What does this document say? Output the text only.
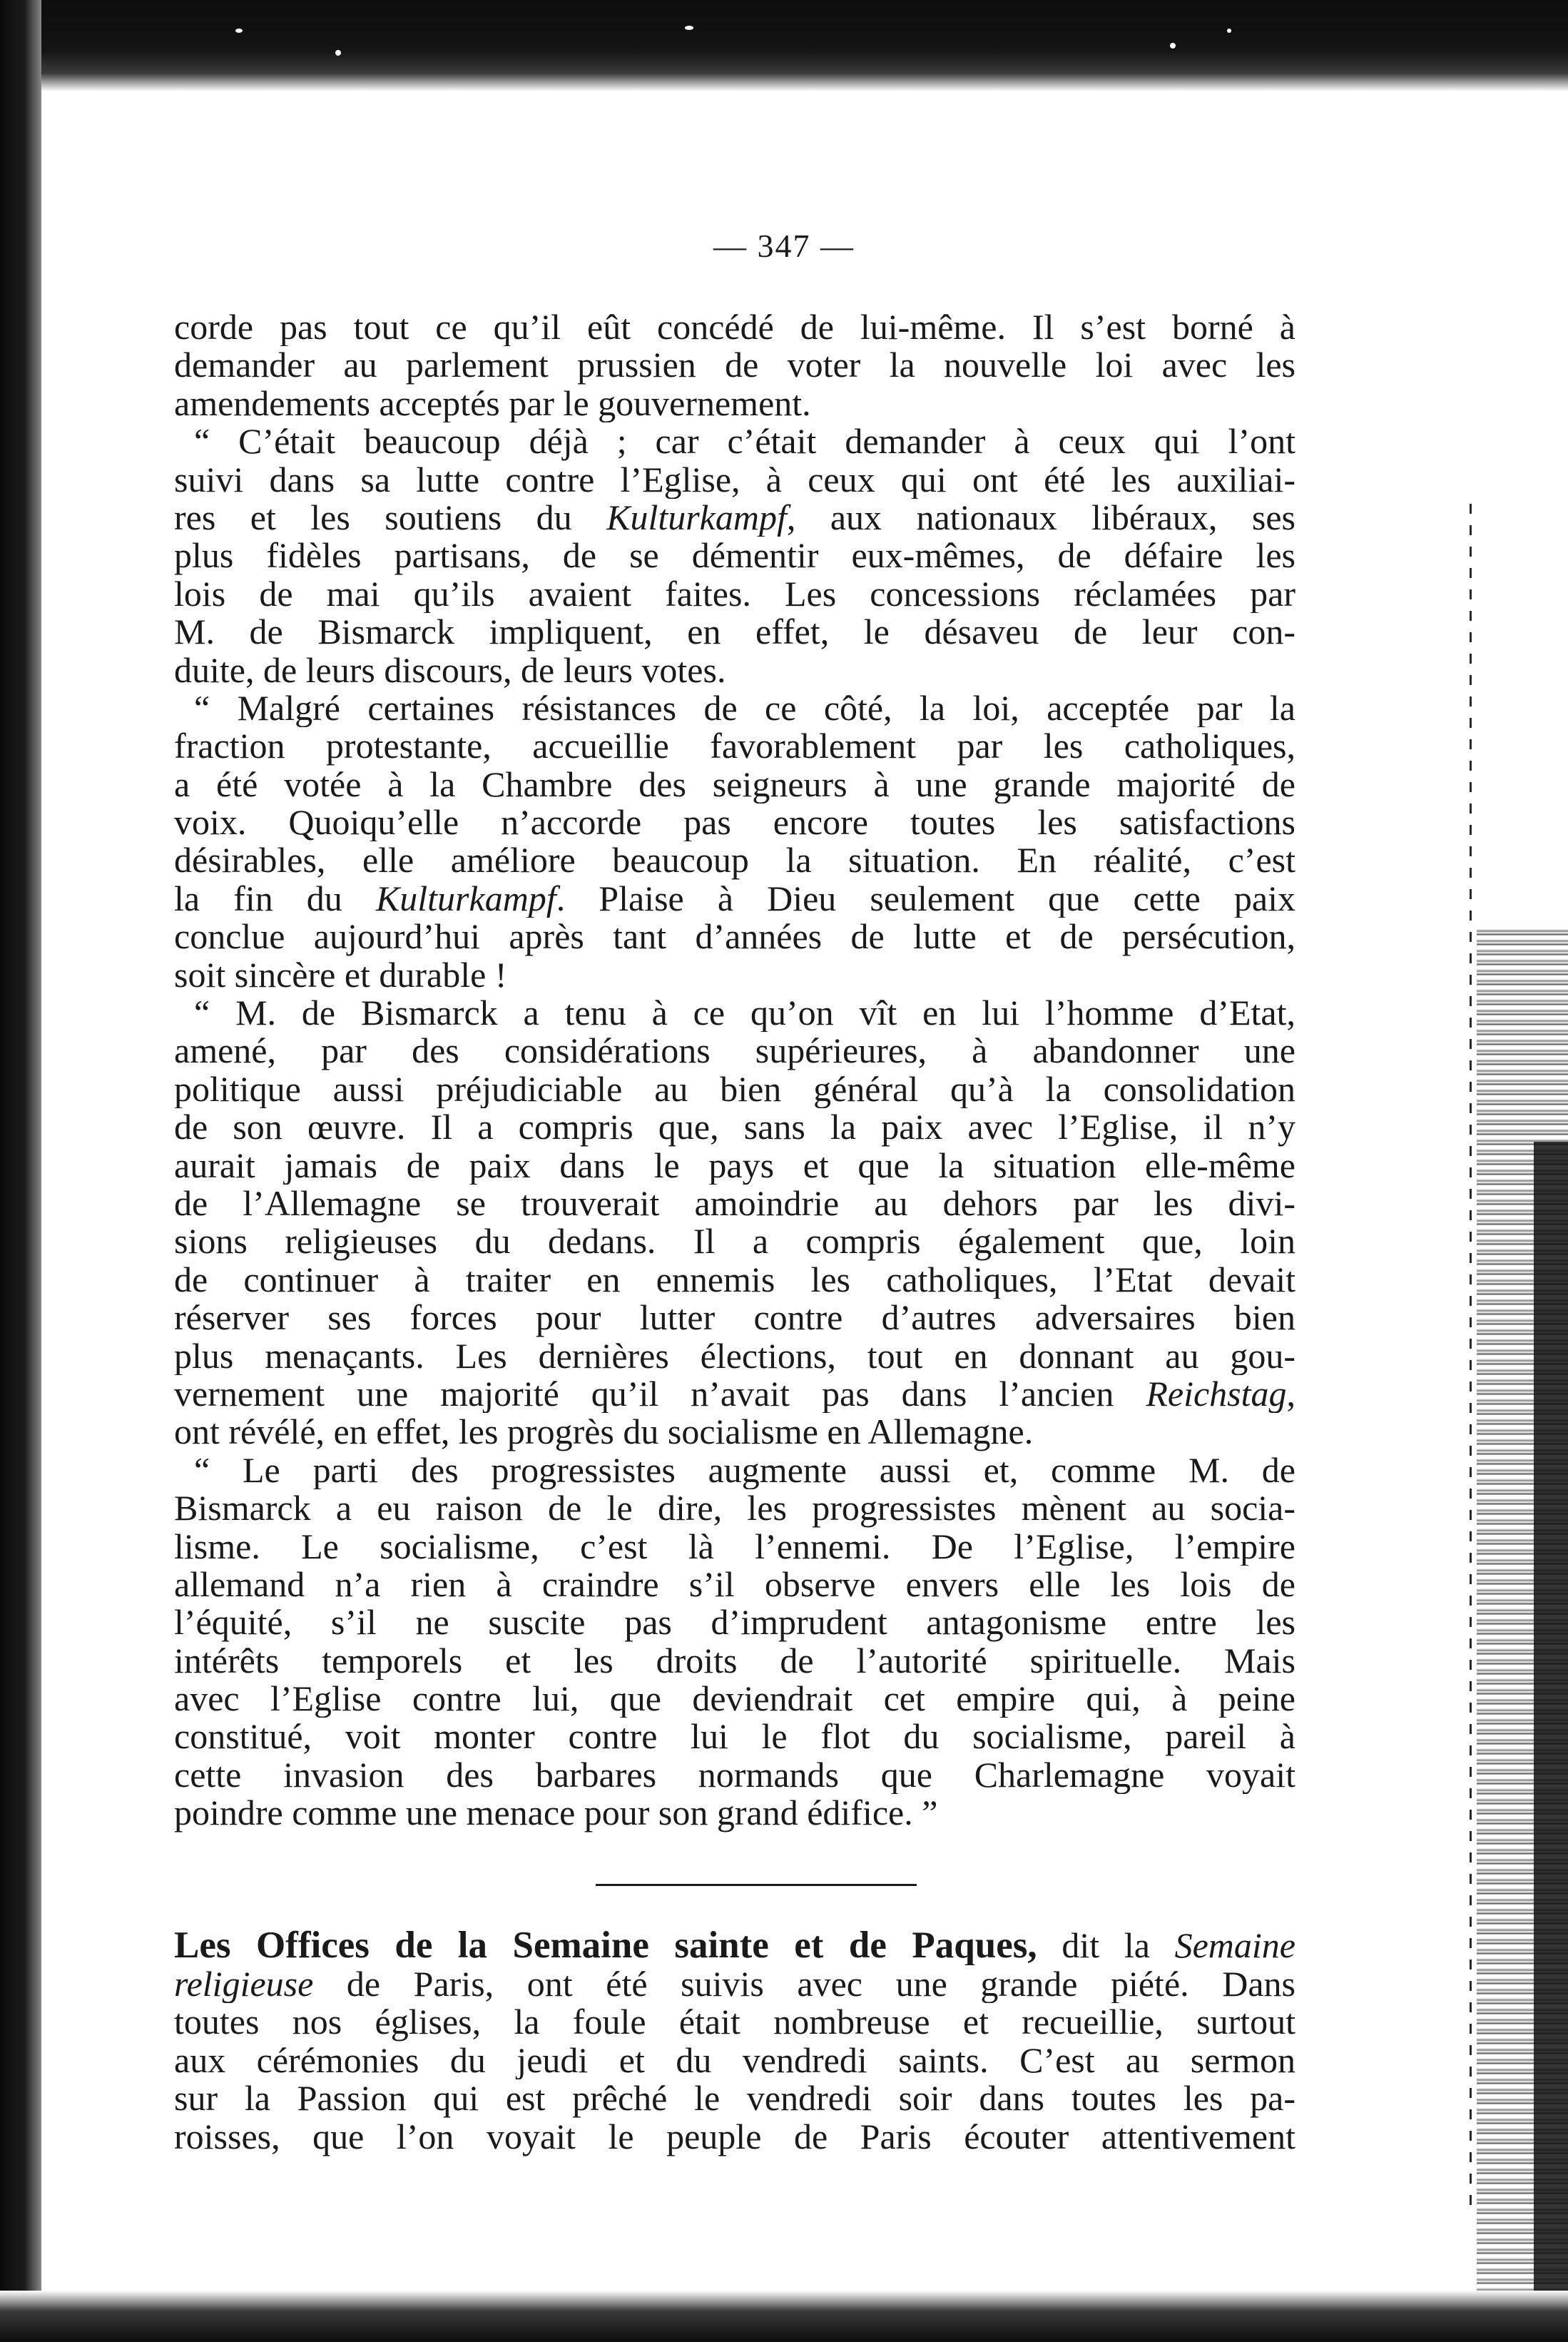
— 347 —
corde pas tout ce qu’il eût concédé de lui-même. Il s’est borné à
demander au parlement prussien de voter la nouvelle loi avec les
amendements acceptés par le gouvernement.
“ C’était beaucoup déjà ; car c’était demander à ceux qui l’ont
suivi dans sa lutte contre l’Eglise, à ceux qui ont été les auxiliai-
res et les soutiens du Kulturkampf, aux nationaux libéraux, ses
plus fidèles partisans, de se démentir eux-mêmes, de défaire les
lois de mai qu’ils avaient faites. Les concessions réclamées par
M. de Bismarck impliquent, en effet, le désaveu de leur con-
duite, de leurs discours, de leurs votes.
“ Malgré certaines résistances de ce côté, la loi, acceptée par la
fraction protestante, accueillie favorablement par les catholiques,
a été votée à la Chambre des seigneurs à une grande majorité de
voix. Quoiqu’elle n’accorde pas encore toutes les satisfactions
désirables, elle améliore beaucoup la situation. En réalité, c’est
la fin du Kulturkampf. Plaise à Dieu seulement que cette paix
conclue aujourd’hui après tant d’années de lutte et de persécution,
soit sincère et durable !
“ M. de Bismarck a tenu à ce qu’on vît en lui l’homme d’Etat,
amené, par des considérations supérieures, à abandonner une
politique aussi préjudiciable au bien général qu’à la consolidation
de son œuvre. Il a compris que, sans la paix avec l’Eglise, il n’y
aurait jamais de paix dans le pays et que la situation elle-même
de l’Allemagne se trouverait amoindrie au dehors par les divi-
sions religieuses du dedans. Il a compris également que, loin
de continuer à traiter en ennemis les catholiques, l’Etat devait
réserver ses forces pour lutter contre d’autres adversaires bien
plus menaçants. Les dernières élections, tout en donnant au gou-
vernement une majorité qu’il n’avait pas dans l’ancien Reichstag,
ont révélé, en effet, les progrès du socialisme en Allemagne.
“ Le parti des progressistes augmente aussi et, comme M. de
Bismarck a eu raison de le dire, les progressistes mènent au socia-
lisme. Le socialisme, c’est là l’ennemi. De l’Eglise, l’empire
allemand n’a rien à craindre s’il observe envers elle les lois de
l’équité, s’il ne suscite pas d’imprudent antagonisme entre les
intérêts temporels et les droits de l’autorité spirituelle. Mais
avec l’Eglise contre lui, que deviendrait cet empire qui, à peine
constitué, voit monter contre lui le flot du socialisme, pareil à
cette invasion des barbares normands que Charlemagne voyait
poindre comme une menace pour son grand édifice. ”
Les Offices de la Semaine sainte et de Paques, dit la Semaine
religieuse de Paris, ont été suivis avec une grande piété. Dans
toutes nos églises, la foule était nombreuse et recueillie, surtout
aux cérémonies du jeudi et du vendredi saints. C’est au sermon
sur la Passion qui est prêché le vendredi soir dans toutes les pa-
roisses, que l’on voyait le peuple de Paris écouter attentivement
